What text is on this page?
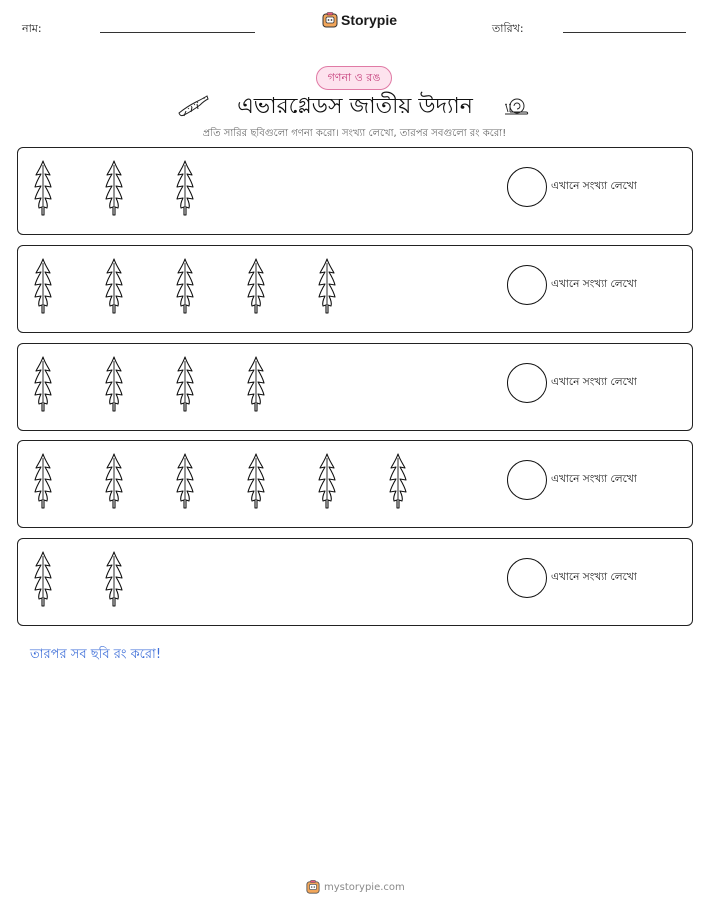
নাম:
Storypie
তারিখ:
গণনা ও রঙ
এভারগ্লেডস জাতীয় উদ্যান
প্রতি সারির ছবিগুলো গণনা করো। সংখ্যা লেখো, তারপর সবগুলো রং করো!
এখানে সংখ্যা লেখো
এখানে সংখ্যা লেখো
এখানে সংখ্যা লেখো
এখানে সংখ্যা লেখো
এখানে সংখ্যা লেখো
তারপর সব ছবি রং করো!
mystorypie.com
